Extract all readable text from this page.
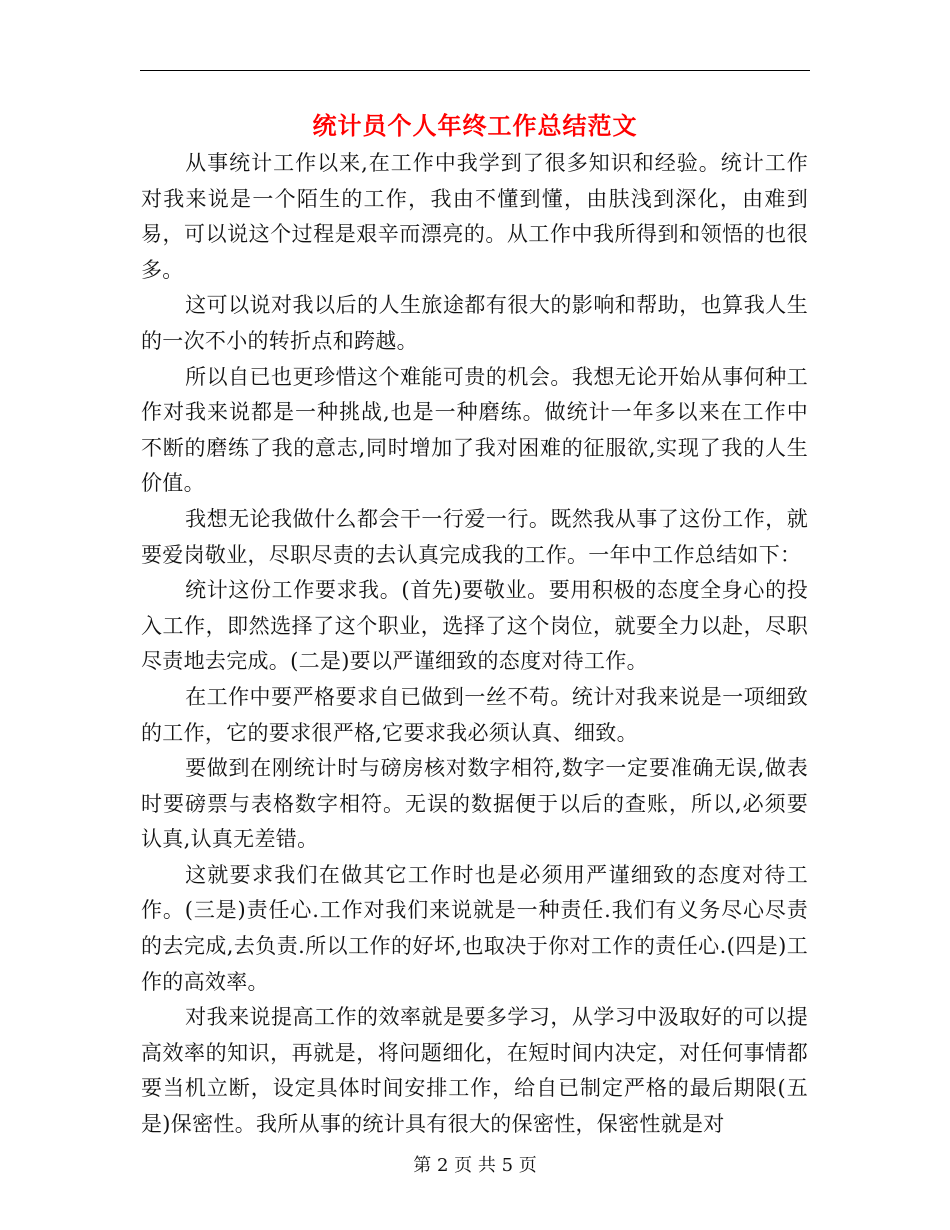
统计员个人年终工作总结范文

从事统计工作以来,在工作中我学到了很多知识和经验。统计工作对我来说是一个陌生的工作，我由不懂到懂，由肤浅到深化，由难到易，可以说这个过程是艰辛而漂亮的。从工作中我所得到和领悟的也很多。

这可以说对我以后的人生旅途都有很大的影响和帮助，也算我人生的一次不小的转折点和跨越。

所以自已也更珍惜这个难能可贵的机会。我想无论开始从事何种工作对我来说都是一种挑战,也是一种磨练。做统计一年多以来在工作中不断的磨练了我的意志,同时增加了我对困难的征服欲,实现了我的人生价值。

我想无论我做什么都会干一行爱一行。既然我从事了这份工作，就要爱岗敬业，尽职尽责的去认真完成我的工作。一年中工作总结如下：

统计这份工作要求我。(首先)要敬业。要用积极的态度全身心的投入工作，即然选择了这个职业，选择了这个岗位，就要全力以赴，尽职尽责地去完成。(二是)要以严谨细致的态度对待工作。

在工作中要严格要求自已做到一丝不苟。统计对我来说是一项细致的工作，它的要求很严格,它要求我必须认真、细致。

要做到在刚统计时与磅房核对数字相符,数字一定要准确无误,做表时要磅票与表格数字相符。无误的数据便于以后的查账，所以,必须要认真,认真无差错。

这就要求我们在做其它工作时也是必须用严谨细致的态度对待工作。(三是)责任心.工作对我们来说就是一种责任.我们有义务尽心尽责的去完成,去负责.所以工作的好坏,也取决于你对工作的责任心.(四是)工作的高效率。

对我来说提高工作的效率就是要多学习，从学习中汲取好的可以提高效率的知识，再就是，将问题细化，在短时间内决定，对任何事情都要当机立断，设定具体时间安排工作，给自已制定严格的最后期限(五是)保密性。我所从事的统计具有很大的保密性，保密性就是对

第 2 页 共 5 页
